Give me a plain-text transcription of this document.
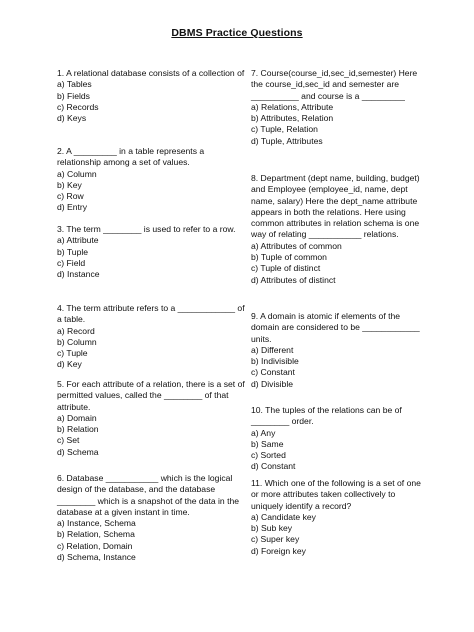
DBMS Practice Questions
1. A relational database consists of a collection of
a) Tables
b) Fields
c) Records
d) Keys
2. A _________ in a table represents a relationship among a set of values.
a) Column
b) Key
c) Row
d) Entry
3. The term ________ is used to refer to a row.
a) Attribute
b) Tuple
c) Field
d) Instance
4. The term attribute refers to a ____________ of a table.
a) Record
b) Column
c) Tuple
d) Key
5. For each attribute of a relation, there is a set of permitted values, called the ________ of that attribute.
a) Domain
b) Relation
c) Set
d) Schema
6. Database ___________ which is the logical design of the database, and the database ________ which is a snapshot of the data in the database at a given instant in time.
a) Instance, Schema
b) Relation, Schema
c) Relation, Domain
d) Schema, Instance
7. Course(course_id,sec_id,semester) Here the course_id,sec_id and semester are __________ and course is a _________
a) Relations, Attribute
b) Attributes, Relation
c) Tuple, Relation
d) Tuple, Attributes
8. Department (dept name, building, budget) and Employee (employee_id, name, dept name, salary) Here the dept_name attribute appears in both the relations. Here using common attributes in relation schema is one way of relating ___________ relations.
a) Attributes of common
b) Tuple of common
c) Tuple of distinct
d) Attributes of distinct
9. A domain is atomic if elements of the domain are considered to be ____________ units.
a) Different
b) Indivisible
c) Constant
d) Divisible
10. The tuples of the relations can be of ________ order.
a) Any
b) Same
c) Sorted
d) Constant
11. Which one of the following is a set of one or more attributes taken collectively to uniquely identify a record?
a) Candidate key
b) Sub key
c) Super key
d) Foreign key
